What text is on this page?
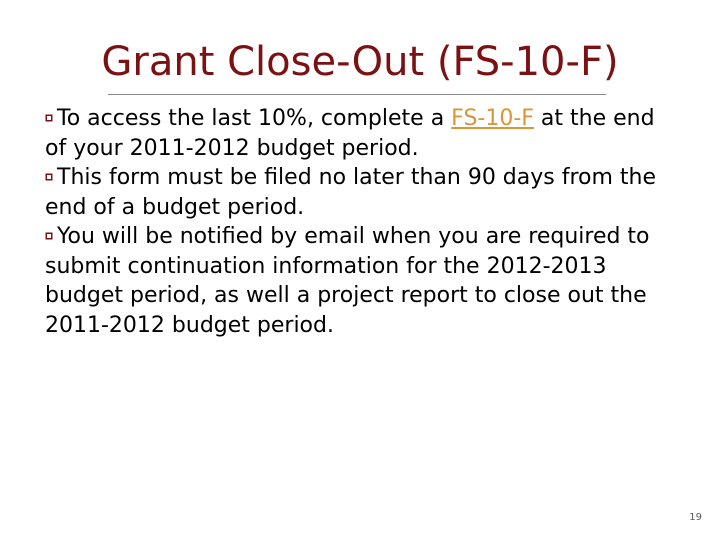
Grant Close-Out (FS-10-F)

To access the last 10%, complete a FS-10-F at the end of your 2011-2012 budget period.

This form must be filed no later than 90 days from the end of a budget period.

You will be notified by email when you are required to submit continuation information for the 2012-2013 budget period, as well a project report to close out the 2011-2012 budget period.

19
